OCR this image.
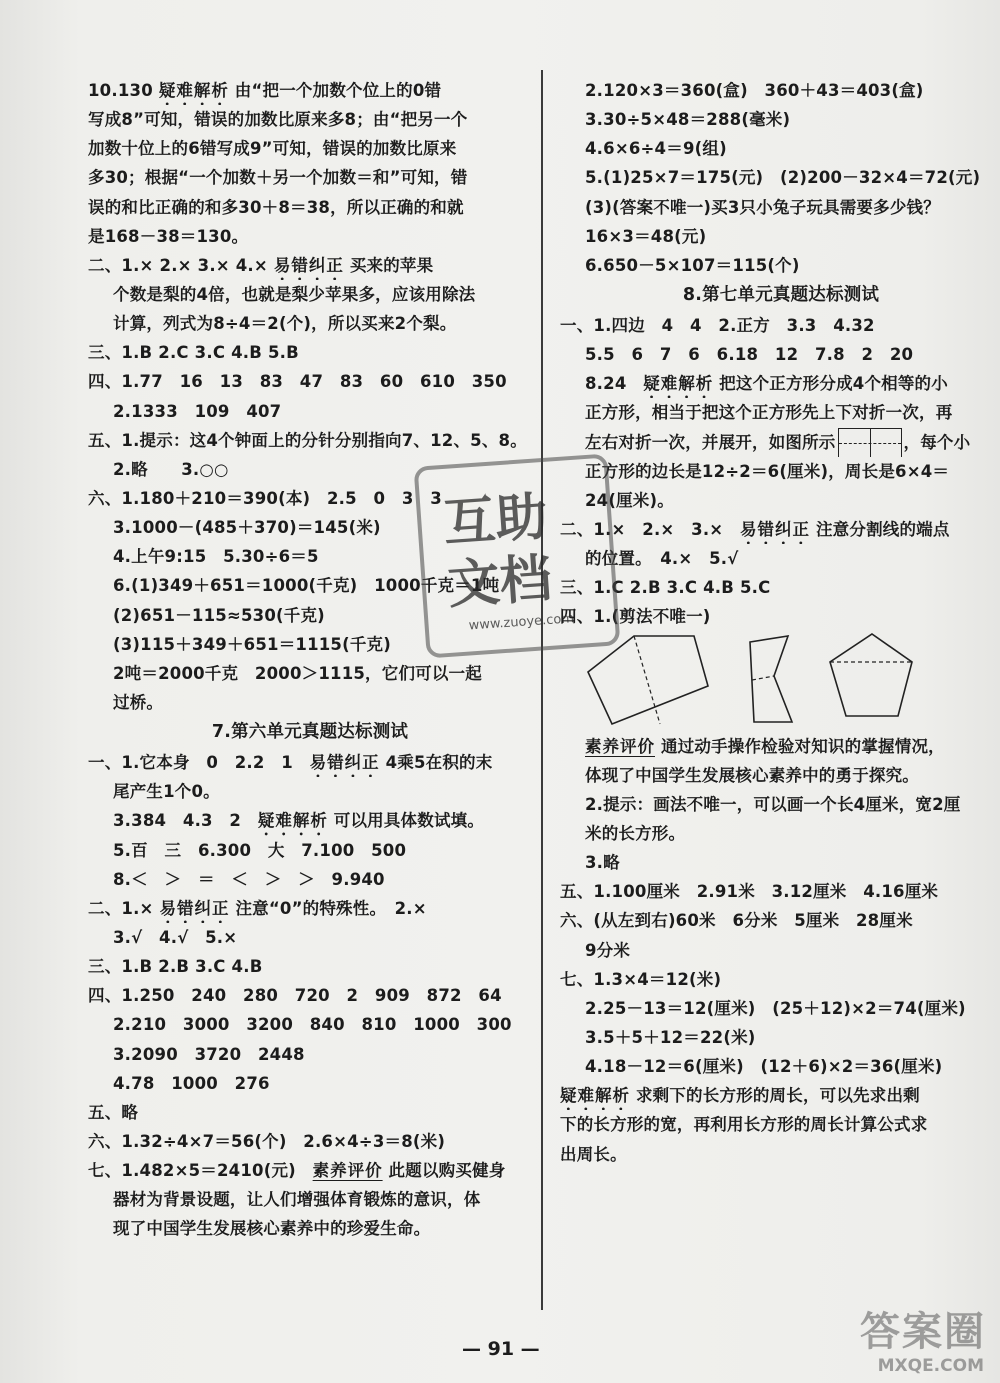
10.130 疑难解析 由“把一个加数个位上的0错
写成8”可知，错误的加数比原来多8；由“把另一个
加数十位上的6错写成9”可知，错误的加数比原来
多30；根据“一个加数＋另一个加数＝和”可知，错
误的和比正确的和多30＋8＝38，所以正确的和就
是168－38＝130。
二、1.× 2.× 3.× 4.× 易错纠正 买来的苹果
个数是梨的4倍，也就是梨少苹果多，应该用除法
计算，列式为8÷4＝2(个)，所以买来2个梨。
三、1.B 2.C 3.C 4.B 5.B
四、1.77　16　13　83　47　83　60　610　350
2.1333　109　407
五、1.提示：这4个钟面上的分针分别指向7、12、5、8。
2.略　　3.○○
六、1.180＋210＝390(本)　2.5　0　3　3
3.1000－(485＋370)＝145(米)
4.上午9:15　5.30÷6＝5
6.(1)349＋651＝1000(千克)　1000千克＝1吨
(2)651－115≈530(千克)
(3)115＋349＋651＝1115(千克)
2吨＝2000千克　2000＞1115，它们可以一起
过桥。
7.第六单元真题达标测试
一、1.它本身　0　2.2　1　易错纠正 4乘5在积的末
尾产生1个0。
3.384　4.3　2　疑难解析 可以用具体数试填。
5.百　三　6.300　大　7.100　500
8.＜　＞　＝　＜　＞　＞　9.940
二、1.× 易错纠正 注意“0”的特殊性。　2.×
3.√　4.√　5.×
三、1.B 2.B 3.C 4.B
四、1.250　240　280　720　2　909　872　64
2.210　3000　3200　840　810　1000　300
3.2090　3720　2448
4.78　1000　276
五、略
六、1.32÷4×7＝56(个)　2.6×4÷3＝8(米)
七、1.482×5＝2410(元)　素养评价 此题以购买健身
器材为背景设题，让人们增强体育锻炼的意识，体
现了中国学生发展核心素养中的珍爱生命。
2.120×3＝360(盒)　360＋43＝403(盒)
3.30÷5×48＝288(毫米)
4.6×6÷4＝9(组)
5.(1)25×7＝175(元)　(2)200－32×4＝72(元)
(3)(答案不唯一)买3只小兔子玩具需要多少钱？
16×3＝48(元)
6.650－5×107＝115(个)
8.第七单元真题达标测试
一、1.四边　4　4　2.正方　3.3　4.32
5.5　6　7　6　6.18　12　7.8　2　20
8.24　疑难解析 把这个正方形分成4个相等的小
正方形，相当于把这个正方形先上下对折一次，再
左右对折一次，并展开，如图所示	，每个小
正方形的边长是12÷2＝6(厘米)，周长是6×4＝
24(厘米)。
二、1.×　2.×　3.×　易错纠正 注意分割线的端点
的位置。　4.×　5.√
三、1.C 2.B 3.C 4.B 5.C
四、1.(剪法不唯一)
素养评价 通过动手操作检验对知识的掌握情况，
体现了中国学生发展核心素养中的勇于探究。
2.提示：画法不唯一，可以画一个长4厘米，宽2厘
米的长方形。
3.略
五、1.100厘米　2.91米　3.12厘米　4.16厘米
六、(从左到右)60米　6分米　5厘米　28厘米
9分米
七、1.3×4＝12(米)
2.25－13＝12(厘米)　(25＋12)×2＝74(厘米)
3.5＋5＋12＝22(米)
4.18－12＝6(厘米)　(12＋6)×2＝36(厘米)
疑难解析 求剩下的长方形的周长，可以先求出剩
下的长方形的宽，再利用长方形的周长计算公式求
出周长。
互助
文档
www.zuoye.com
— 91 —	答案圈
MXQE.COM
